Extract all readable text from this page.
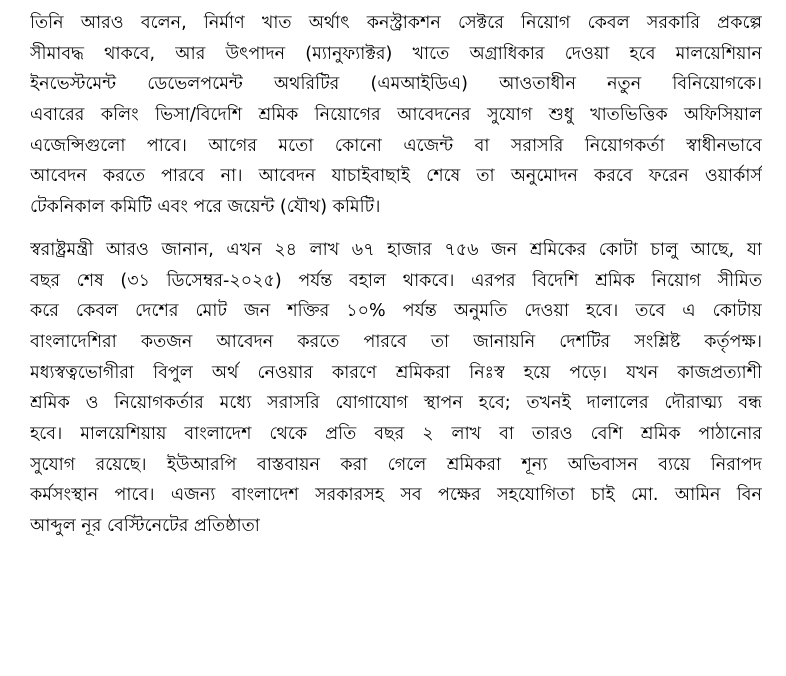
তিনি আরও বলেন, নির্মাণ খাত অর্থাৎ কনস্ট্রাকশন সেক্টরে নিয়োগ কেবল সরকারি প্রকল্পে
সীমাবদ্ধ থাকবে, আর উৎপাদন (ম্যানুফ্যাক্টর) খাতে অগ্রাধিকার দেওয়া হবে মালয়েশিয়ান
ইনভেস্টমেন্ট ডেভেলপমেন্ট অথরিটির (এমআইডিএ) আওতাধীন নতুন বিনিয়োগকে।
এবারের কলিং ভিসা/বিদেশি শ্রমিক নিয়োগের আবেদনের সুযোগ শুধু খাতভিত্তিক অফিসিয়াল
এজেন্সিগুলো পাবে। আগের মতো কোনো এজেন্ট বা সরাসরি নিয়োগকর্তা স্বাধীনভাবে
আবেদন করতে পারবে না। আবেদন যাচাইবাছাই শেষে তা অনুমোদন করবে ফরেন ওয়ার্কার্স
টেকনিকাল কমিটি এবং পরে জয়েন্ট (যৌথ) কমিটি।
স্বরাষ্ট্রমন্ত্রী আরও জানান, এখন ২৪ লাখ ৬৭ হাজার ৭৫৬ জন শ্রমিকের কোটা চালু আছে, যা
বছর শেষ (৩১ ডিসেম্বর-২০২৫) পর্যন্ত বহাল থাকবে। এরপর বিদেশি শ্রমিক নিয়োগ সীমিত
করে কেবল দেশের মোট জন শক্তির ১০% পর্যন্ত অনুমতি দেওয়া হবে। তবে এ কোটায়
বাংলাদেশিরা কতজন আবেদন করতে পারবে তা জানায়নি দেশটির সংশ্লিষ্ট কর্তৃপক্ষ।
মধ্যস্বত্বভোগীরা বিপুল অর্থ নেওয়ার কারণে শ্রমিকরা নিঃস্ব হয়ে পড়ে। যখন কাজপ্রত্যাশী
শ্রমিক ও নিয়োগকর্তার মধ্যে সরাসরি যোগাযোগ স্থাপন হবে; তখনই দালালের দৌরাত্ম্য বন্ধ
হবে। মালয়েশিয়ায় বাংলাদেশ থেকে প্রতি বছর ২ লাখ বা তারও বেশি শ্রমিক পাঠানোর
সুযোগ রয়েছে। ইউআরপি বাস্তবায়ন করা গেলে শ্রমিকরা শূন্য অভিবাসন ব্যয়ে নিরাপদ
কর্মসংস্থান পাবে। এজন্য বাংলাদেশ সরকারসহ সব পক্ষের সহযোগিতা চাই মো. আমিন বিন
আব্দুল নূর বেস্টিনেটের প্রতিষ্ঠাতা
